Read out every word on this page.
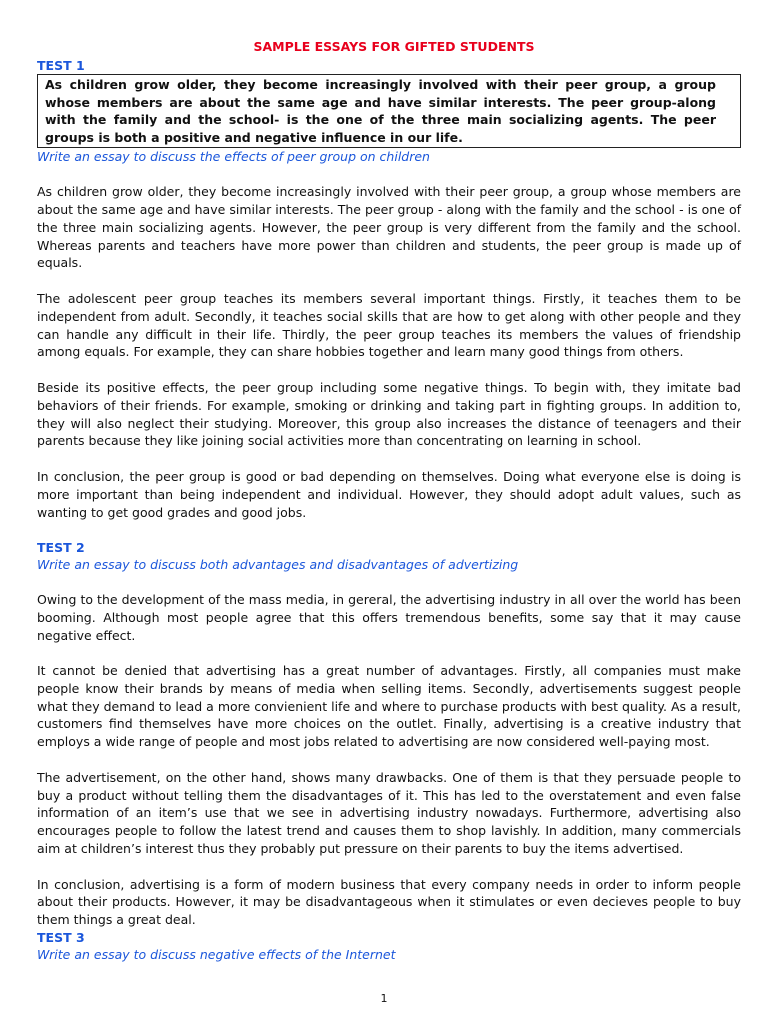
SAMPLE ESSAYS FOR GIFTED STUDENTS
TEST 1
As children grow older, they become increasingly involved with their peer group, a group whose members are about the same age and have similar interests. The peer group-along with the family and the school- is the one of the three main socializing agents. The peer groups is both a positive and negative influence in our life.
Write an essay to discuss the effects of peer group on children

As children grow older, they become increasingly involved with their peer group, a group whose members are about the same age and have similar interests. The peer group - along with the family and the school - is one of the three main socializing agents. However, the peer group is very different from the family and the school. Whereas parents and teachers have more power than children and students, the peer group is made up of equals.

The adolescent peer group teaches its members several important things. Firstly, it teaches them to be independent from adult. Secondly, it teaches social skills that are how to get along with other people and they can handle any difficult in their life. Thirdly, the peer group teaches its members the values of friendship among equals. For example, they can share hobbies together and learn many good things from others.

Beside its positive effects, the peer group including some negative things. To begin with, they imitate bad behaviors of their friends. For example, smoking or drinking and taking part in fighting groups. In addition to, they will also neglect their studying. Moreover, this group also increases the distance of teenagers and their parents because they like joining social activities more than concentrating on learning in school.

In conclusion, the peer group is good or bad depending on themselves. Doing what everyone else is doing is more important than being independent and individual. However, they should adopt adult values, such as wanting to get good grades and good jobs.

TEST 2
Write an essay to discuss both advantages and disadvantages of advertizing

Owing to the development of the mass media, in gereral, the advertising industry in all over the world has been booming. Although most people agree that this offers tremendous benefits, some say that it may cause negative effect.

It cannot be denied that advertising has a great number of advantages. Firstly, all companies must make people know their brands by means of media when selling items. Secondly, advertisements suggest people what they demand to lead a more convienient life and where to purchase products with best quality. As a result, customers find themselves have more choices on the outlet. Finally, advertising is a creative industry that employs a wide range of people and most jobs related to advertising are now considered well-paying most.

The advertisement, on the other hand, shows many drawbacks. One of them is that they persuade people to buy a product without telling them the disadvantages of it. This has led to the overstatement and even false information of an item’s use that we see in advertising industry nowadays. Furthermore, advertising also encourages people to follow the latest trend and causes them to shop lavishly. In addition, many commercials aim at children’s interest thus they probably put pressure on their parents to buy the items advertised.

In conclusion, advertising is a form of modern business that every company needs in order to inform people about their products. However, it may be disadvantageous when it stimulates or even decieves people to buy them things a great deal.

TEST 3
Write an essay to discuss negative effects of the Internet
1
